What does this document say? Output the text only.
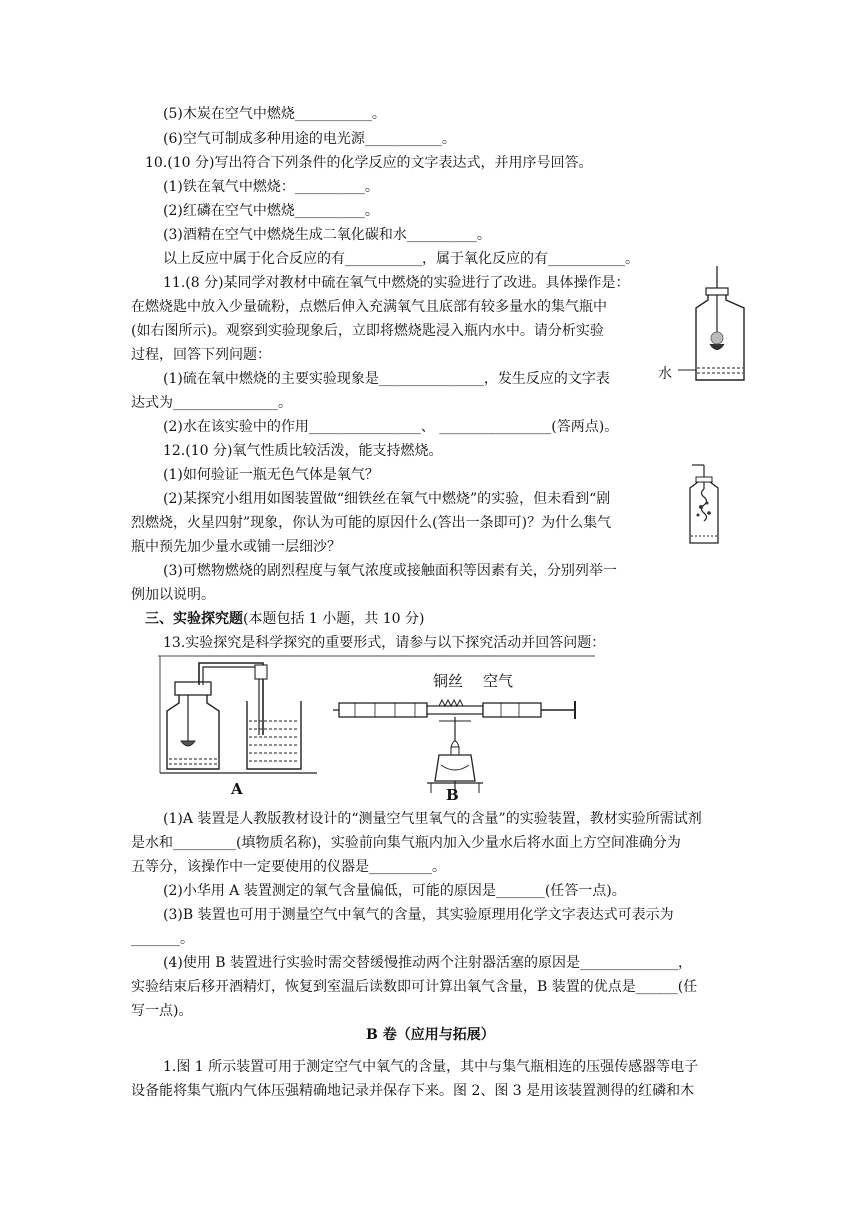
(5)木炭在空气中燃烧___________。
(6)空气可制成多种用途的电光源___________。
10.(10 分)写出符合下列条件的化学反应的文字表达式，并用序号回答。
(1)铁在氧气中燃烧：__________。
(2)红磷在空气中燃烧__________。
(3)酒精在空气中燃烧生成二氧化碳和水__________。
以上反应中属于化合反应的有___________，属于氧化反应的有___________。
11.(8 分)某同学对教材中硫在氧气中燃烧的实验进行了改进。具体操作是：
在燃烧匙中放入少量硫粉，点燃后伸入充满氧气且底部有较多量水的集气瓶中
(如右图所示)。观察到实验现象后，立即将燃烧匙浸入瓶内水中。请分析实验
过程，回答下列问题：
(1)硫在氧中燃烧的主要实验现象是_______________，发生反应的文字表
达式为_______________。
(2)水在该实验中的作用________________、 ________________(答两点)。
12.(10 分)氧气性质比较活泼，能支持燃烧。
(1)如何验证一瓶无色气体是氧气？
(2)某探究小组用如图装置做“细铁丝在氧气中燃烧”的实验，但未看到“剧
烈燃烧，火星四射”现象，你认为可能的原因什么(答出一条即可)？为什么集气
瓶中预先加少量水或铺一层细沙？
(3)可燃物燃烧的剧烈程度与氧气浓度或接触面积等因素有关，分别列举一
例加以说明。
三、实验探究题(本题包括 1 小题，共 10 分)
13.实验探究是科学探究的重要形式，请参与以下探究活动并回答问题：
(1)A 装置是人教版教材设计的“测量空气里氧气的含量”的实验装置，教材实验所需试剂
是水和_________(填物质名称)，实验前向集气瓶内加入少量水后将水面上方空间准确分为
五等分，该操作中一定要使用的仪器是_________。
(2)小华用 A 装置测定的氧气含量偏低，可能的原因是_______(任答一点)。
(3)B 装置也可用于测量空气中氧气的含量，其实验原理用化学文字表达式可表示为
_______。
(4)使用 B 装置进行实验时需交替缓慢推动两个注射器活塞的原因是______________，
实验结束后移开酒精灯，恢复到室温后读数即可计算出氧气含量，B 装置的优点是______(任
写一点)。
B 卷（应用与拓展）
1.图 1 所示装置可用于测定空气中氧气的含量，其中与集气瓶相连的压强传感器等电子
设备能将集气瓶内气体压强精确地记录并保存下来。图 2、图 3 是用该装置测得的红磷和木
水
A	B
铜丝 空气
